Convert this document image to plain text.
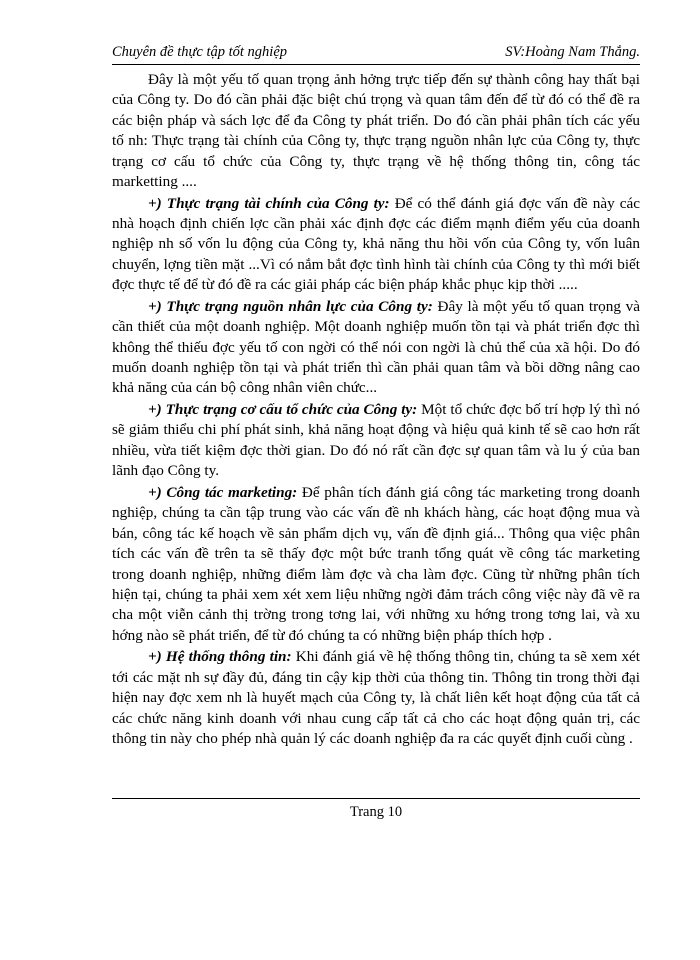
Chuyên đề thực tập tốt nghiệp	SV:Hoàng Nam Thắng.

Đây là một yếu tố quan trọng ảnh hởng trực tiếp đến sự thành công hay thất bại của Công ty. Do đó cần phải đặc biệt chú trọng và quan tâm đến để từ đó có thể đề ra các biện pháp và sách lợc để đa Công ty phát triển. Do đó cần phải phân tích các yếu tố nh: Thực trạng tài chính của Công ty, thực trạng nguồn nhân lực của Công ty, thực trạng cơ cấu tổ chức của Công ty, thực trạng về hệ thống thông tin, công tác marketting ....

+) Thực trạng tài chính của Công ty: Để có thể đánh giá đợc vấn đề này các nhà hoạch định chiến lợc cần phải xác định đợc các điểm mạnh điểm yếu của doanh nghiệp nh số vốn lu động của Công ty, khả năng thu hồi vốn của Công ty, vốn luân chuyển, lợng tiền mặt ...Vì có nắm bắt đợc tình hình tài chính của Công ty thì mới biết đợc thực tế để từ đó đề ra các giải pháp các biện pháp khắc phục kịp thời .....

+) Thực trạng nguồn nhân lực của Công ty: Đây là một yếu tố quan trọng và cần thiết của một doanh nghiệp. Một doanh nghiệp muốn tồn tại và phát triển đợc thì không thể thiếu đợc yếu tố con ngời có thể nói con ngời là chủ thể của xã hội. Do đó muốn doanh nghiệp tồn tại và phát triển thì cần phải quan tâm và bồi dỡng nâng cao khả năng của cán bộ công nhân viên chức...

+) Thực trạng cơ cấu tổ chức của Công ty: Một tổ chức đợc bố trí hợp lý thì nó sẽ giảm thiểu chi phí phát sinh, khả năng hoạt động và hiệu quả kinh tế sẽ cao hơn rất nhiều, vừa tiết kiệm đợc thời gian. Do đó nó rất cần đợc sự quan tâm và lu ý của ban lãnh đạo Công ty.

+) Công tác marketing: Để phân tích đánh giá công tác marketing trong doanh nghiệp, chúng ta cần tập trung vào các vấn đề nh khách hàng, các hoạt động mua và bán, công tác kế hoạch về sản phẩm dịch vụ, vấn đề định giá... Thông qua việc phân tích các vấn đề trên ta sẽ thấy đợc một bức tranh tổng quát về công tác marketing trong doanh nghiệp, những điểm làm đợc và cha làm đợc. Cũng từ những phân tích hiện tại, chúng ta phải xem xét xem liệu những ngời đảm trách công việc này đã vẽ ra cha một viễn cảnh thị trờng trong tơng lai, với những xu hớng trong tơng lai, và xu hớng nào sẽ phát triển, để từ đó chúng ta có những biện pháp thích hợp .

+) Hệ thống thông tin: Khi đánh giá về hệ thống thông tin, chúng ta sẽ xem xét tới các mặt nh sự đầy đủ, đáng tin cậy kịp thời của thông tin. Thông tin trong thời đại hiện nay đợc xem nh là huyết mạch của Công ty, là chất liên kết hoạt động của tất cả các chức năng kinh doanh với nhau cung cấp tất cả cho các hoạt động quản trị, các thông tin này cho phép nhà quản lý các doanh nghiệp đa ra các quyết định cuối cùng .

Trang 10
